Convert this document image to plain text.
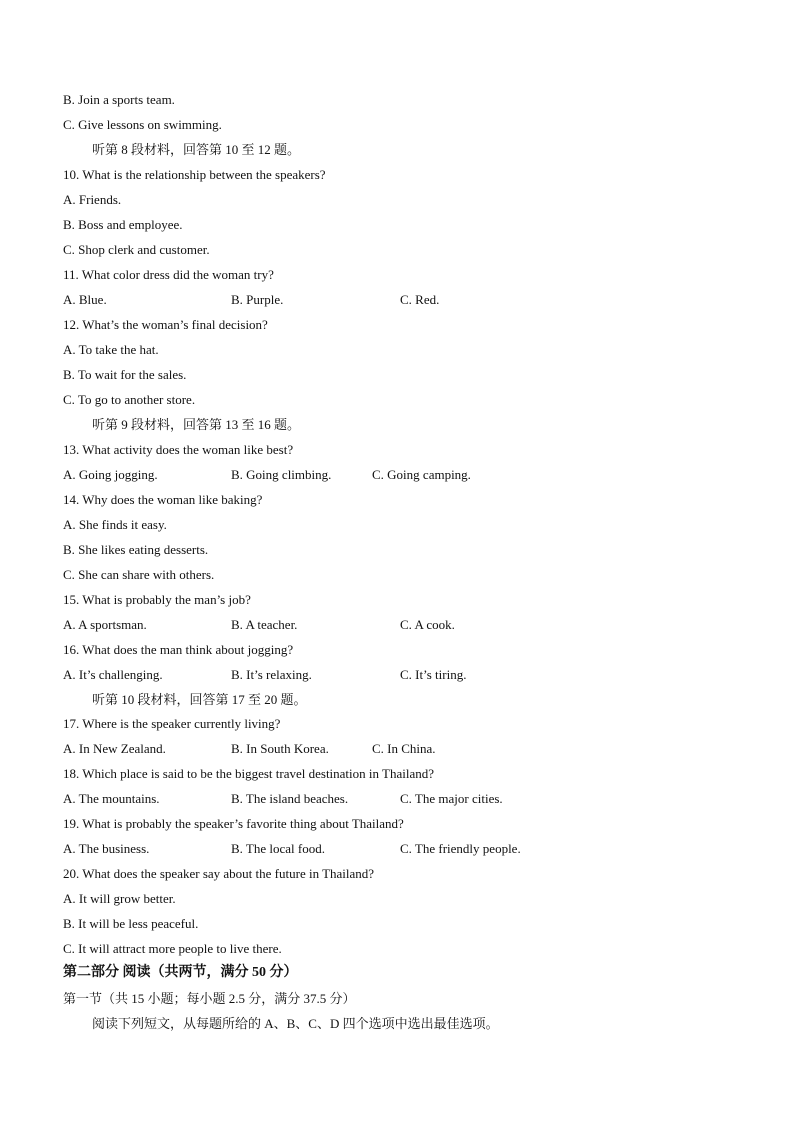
B. Join a sports team.
C. Give lessons on swimming.
听第 8 段材料，回答第 10 至 12 题。
10. What is the relationship between the speakers?
A. Friends.
B. Boss and employee.
C. Shop clerk and customer.
11. What color dress did the woman try?
A. Blue.	B. Purple.	C. Red.
12. What’s the woman’s final decision?
A. To take the hat.
B. To wait for the sales.
C. To go to another store.
听第 9 段材料，回答第 13 至 16 题。
13. What activity does the woman like best?
A. Going jogging.	B. Going climbing.	C. Going camping.
14. Why does the woman like baking?
A. She finds it easy.
B. She likes eating desserts.
C. She can share with others.
15. What is probably the man’s job?
A. A sportsman.	B. A teacher.	C. A cook.
16. What does the man think about jogging?
A. It’s challenging.	B. It’s relaxing.	C. It’s tiring.
听第 10 段材料，回答第 17 至 20 题。
17. Where is the speaker currently living?
A. In New Zealand.	B. In South Korea.	C. In China.
18. Which place is said to be the biggest travel destination in Thailand?
A. The mountains.	B. The island beaches.	C. The major cities.
19. What is probably the speaker’s favorite thing about Thailand?
A. The business.	B. The local food.	C. The friendly people.
20. What does the speaker say about the future in Thailand?
A. It will grow better.
B. It will be less peaceful.
C. It will attract more people to live there.
第二部分 阅读（共两节，满分 50 分）
第一节（共 15 小题；每小题 2.5 分，满分 37.5 分）
阅读下列短文，从每题所给的 A、B、C、D 四个选项中选出最佳选项。
